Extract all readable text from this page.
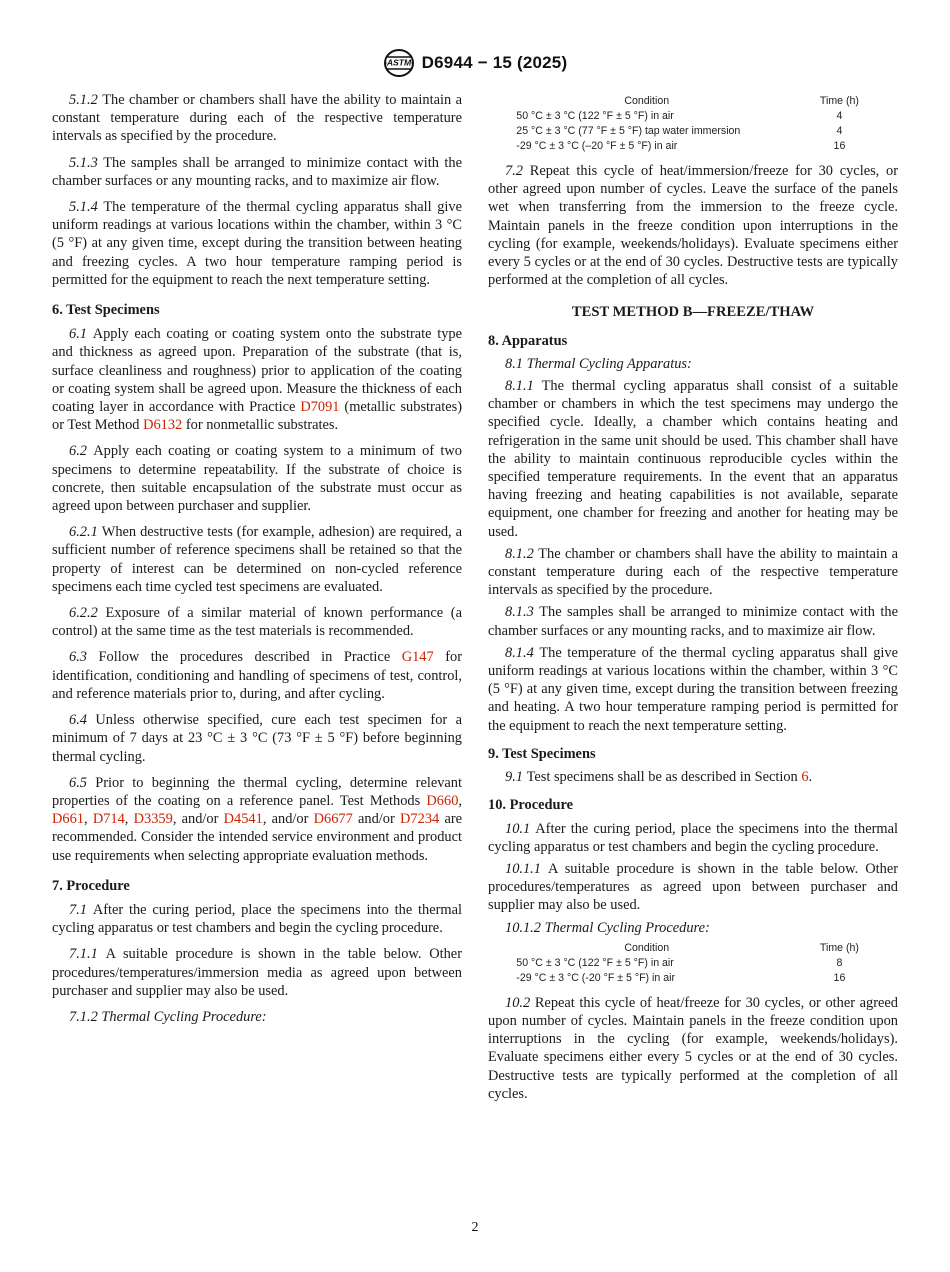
ASTM D6944 − 15 (2025)

5.1.2 The chamber or chambers shall have the ability to maintain a constant temperature during each of the respective temperature intervals as specified by the procedure.

5.1.3 The samples shall be arranged to minimize contact with the chamber surfaces or any mounting racks, and to maximize air flow.

5.1.4 The temperature of the thermal cycling apparatus shall give uniform readings at various locations within the chamber, within 3 °C (5 °F) at any given time, except during the transition between heating and freezing cycles. A two hour temperature ramping period is permitted for the equipment to reach the next temperature setting.

6. Test Specimens

6.1 Apply each coating or coating system onto the substrate type and thickness as agreed upon. Preparation of the substrate (that is, surface cleanliness and roughness) prior to application of the coating or coating system shall be agreed upon. Measure the thickness of each coating layer in accordance with Practice D7091 (metallic substrates) or Test Method D6132 for nonmetallic substrates.

6.2 Apply each coating or coating system to a minimum of two specimens to determine repeatability. If the substrate of choice is concrete, then suitable encapsulation of the substrate must occur as agreed upon between purchaser and supplier.

6.2.1 When destructive tests (for example, adhesion) are required, a sufficient number of reference specimens shall be retained so that the property of interest can be determined on non-cycled reference specimens each time cycled test specimens are evaluated.

6.2.2 Exposure of a similar material of known performance (a control) at the same time as the test materials is recommended.

6.3 Follow the procedures described in Practice G147 for identification, conditioning and handling of specimens of test, control, and reference materials prior to, during, and after cycling.

6.4 Unless otherwise specified, cure each test specimen for a minimum of 7 days at 23 °C ± 3 °C (73 °F ± 5 °F) before beginning thermal cycling.

6.5 Prior to beginning the thermal cycling, determine relevant properties of the coating on a reference panel. Test Methods D660, D661, D714, D3359, and/or D4541, and/or D6677 and/or D7234 are recommended. Consider the intended service environment and product use requirements when selecting appropriate evaluation methods.

7. Procedure

7.1 After the curing period, place the specimens into the thermal cycling apparatus or test chambers and begin the cycling procedure.

7.1.1 A suitable procedure is shown in the table below. Other procedures/temperatures/immersion media as agreed upon between purchaser and supplier may also be used.

7.1.2 Thermal Cycling Procedure:

Condition	Time (h)
50 °C ± 3 °C (122 °F ± 5 °F) in air	4
25 °C ± 3 °C (77 °F ± 5 °F) tap water immersion	4
-29 °C ± 3 °C (–20 °F ± 5 °F) in air	16

7.2 Repeat this cycle of heat/immersion/freeze for 30 cycles, or other agreed upon number of cycles. Leave the surface of the panels wet when transferring from the immersion to the freeze cycle. Maintain panels in the freeze condition upon interruptions in the cycling (for example, weekends/holidays). Evaluate specimens either every 5 cycles or at the end of 30 cycles. Destructive tests are typically performed at the completion of all cycles.

TEST METHOD B—FREEZE/THAW
8. Apparatus

8.1 Thermal Cycling Apparatus:

8.1.1 The thermal cycling apparatus shall consist of a suitable chamber or chambers in which the test specimens may undergo the specified cycle. Ideally, a chamber which contains heating and refrigeration in the same unit should be used. This chamber shall have the ability to maintain continuous reproducible cycles within the specified temperature requirements. In the event that an apparatus having freezing and heating capabilities is not available, separate equipment, one chamber for freezing and another for heating may be used.

8.1.2 The chamber or chambers shall have the ability to maintain a constant temperature during each of the respective temperature intervals as specified by the procedure.

8.1.3 The samples shall be arranged to minimize contact with the chamber surfaces or any mounting racks, and to maximize air flow.

8.1.4 The temperature of the thermal cycling apparatus shall give uniform readings at various locations within the chamber, within 3 °C (5 °F) at any given time, except during the transition between freezing and heating. A two hour temperature ramping period is permitted for the equipment to reach the next temperature setting.

9. Test Specimens

9.1 Test specimens shall be as described in Section 6.

10. Procedure

10.1 After the curing period, place the specimens into the thermal cycling apparatus or test chambers and begin the cycling procedure.

10.1.1 A suitable procedure is shown in the table below. Other procedures/temperatures as agreed upon between purchaser and supplier may also be used.

10.1.2 Thermal Cycling Procedure:

Condition	Time (h)
50 °C ± 3 °C (122 °F ± 5 °F) in air	8
-29 °C ± 3 °C (-20 °F ± 5 °F) in air	16

10.2 Repeat this cycle of heat/freeze for 30 cycles, or other agreed upon number of cycles. Maintain panels in the freeze condition upon interruptions in the cycling (for example, weekends/holidays). Evaluate specimens either every 5 cycles or at the end of 30 cycles. Destructive tests are typically performed at the completion of all cycles.

2
